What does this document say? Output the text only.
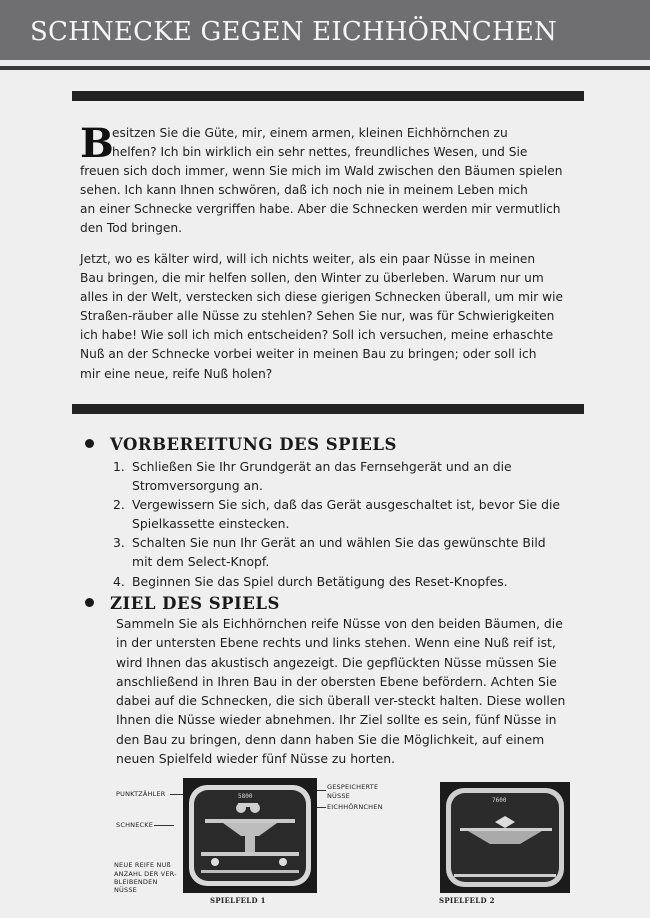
SCHNECKE GEGEN EICHHÖRNCHEN
B
esitzen Sie die Güte, mir, einem armen, kleinen Eichhörnchen zu
helfen? Ich bin wirklich ein sehr nettes, freundliches Wesen, und Sie
freuen sich doch immer, wenn Sie mich im Wald zwischen den Bäumen spielen
sehen. Ich kann Ihnen schwören, daß ich noch nie in meinem Leben mich
an einer Schnecke vergriffen habe. Aber die Schnecken werden mir vermutlich
den Tod bringen.
Jetzt, wo es kälter wird, will ich nichts weiter, als ein paar Nüsse in meinen
Bau bringen, die mir helfen sollen, den Winter zu überleben. Warum nur um
alles in der Welt, verstecken sich diese gierigen Schnecken überall, um mir wie
Straßen-räuber alle Nüsse zu stehlen? Sehen Sie nur, was für Schwierigkeiten
ich habe! Wie soll ich mich entscheiden? Soll ich versuchen, meine erhaschte
Nuß an der Schnecke vorbei weiter in meinen Bau zu bringen; oder soll ich
mir eine neue, reife Nuß holen?
VORBEREITUNG DES SPIELS
1. Schließen Sie Ihr Grundgerät an das Fernsehgerät und an die
Stromversorgung an.
2. Vergewissern Sie sich, daß das Gerät ausgeschaltet ist, bevor Sie die
Spielkassette einstecken.
3. Schalten Sie nun Ihr Gerät an und wählen Sie das gewünschte Bild
mit dem Select-Knopf.
4. Beginnen Sie das Spiel durch Betätigung des Reset-Knopfes.
ZIEL DES SPIELS
Sammeln Sie als Eichhörnchen reife Nüsse von den beiden Bäumen, die
in der untersten Ebene rechts und links stehen. Wenn eine Nuß reif ist,
wird Ihnen das akustisch angezeigt. Die gepflückten Nüsse müssen Sie
anschließend in Ihren Bau in der obersten Ebene befördern. Achten Sie
dabei auf die Schnecken, die sich überall ver-steckt halten. Diese wollen
Ihnen die Nüsse wieder abnehmen. Ihr Ziel sollte es sein, fünf Nüsse in
den Bau zu bringen, denn dann haben Sie die Möglichkeit, auf einem
neuen Spielfeld wieder fünf Nüsse zu horten.
PUNKTZÄHLER
SCHNECKE
NEUE REIFE NUß
ANZAHL DER VER-
BLEIBENDEN
NÜSSE
GESPEICHERTE
NÜSSE
EICHHÖRNCHEN
5800
SPIELFELD 1
7600
SPIELFELD 2
